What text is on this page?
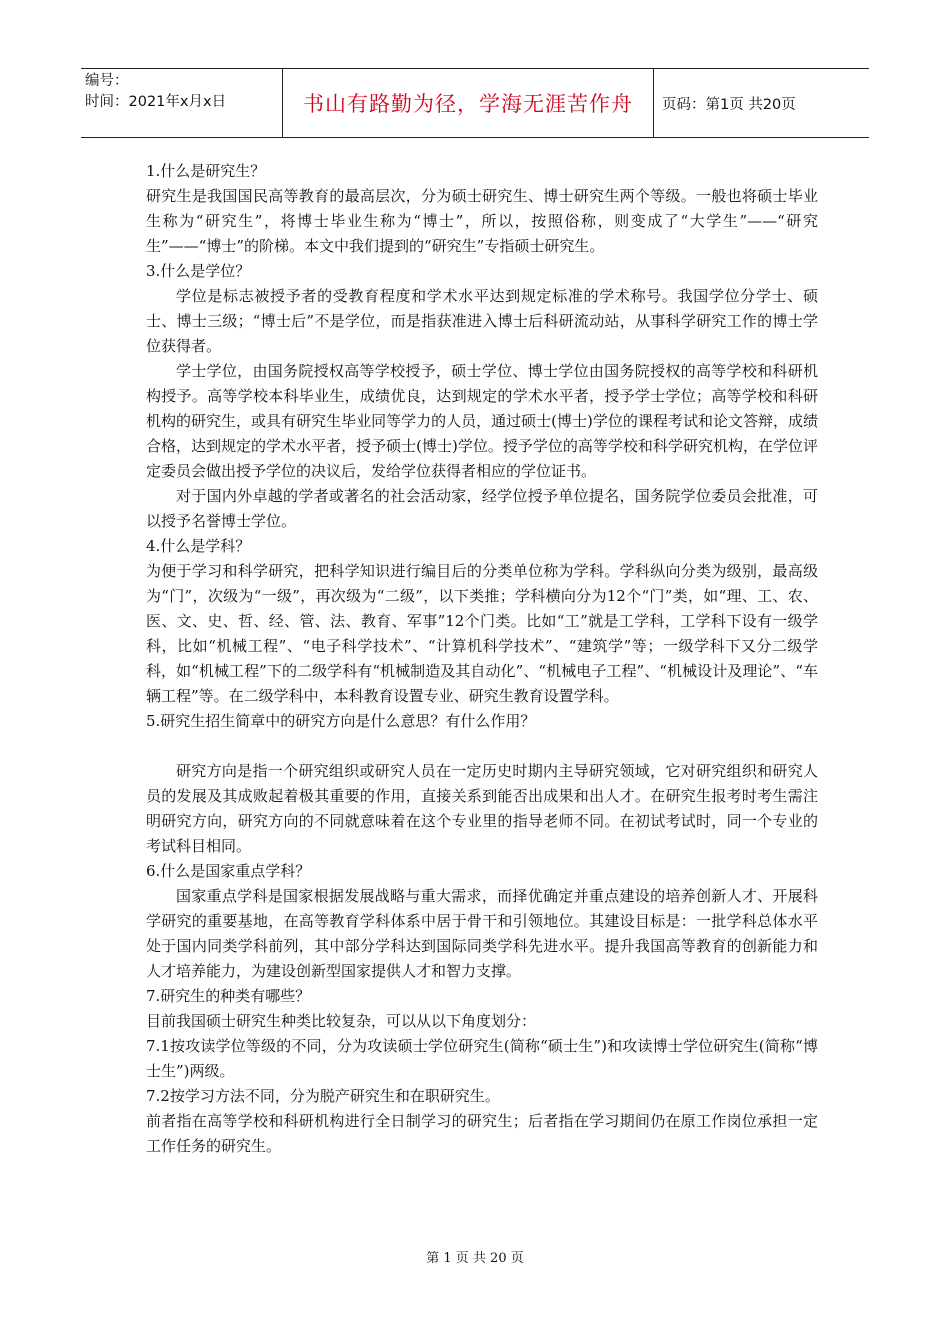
编号：
时间：2021年x月x日	书山有路勤为径，学海无涯苦作舟	页码：第1页 共20页

1.什么是研究生？

研究生是我国国民高等教育的最高层次，分为硕士研究生、博士研究生两个等级。一般也将硕士毕业生称为“研究生”，将博士毕业生称为“博士”，所以，按照俗称，则变成了“大学生”——“研究生”——“博士”的阶梯。本文中我们提到的“研究生”专指硕士研究生。

3.什么是学位？

学位是标志被授予者的受教育程度和学术水平达到规定标准的学术称号。我国学位分学士、硕士、博士三级；“博士后”不是学位，而是指获准进入博士后科研流动站，从事科学研究工作的博士学位获得者。

学士学位，由国务院授权高等学校授予，硕士学位、博士学位由国务院授权的高等学校和科研机构授予。高等学校本科毕业生，成绩优良，达到规定的学术水平者，授予学士学位；高等学校和科研机构的研究生，或具有研究生毕业同等学力的人员，通过硕士(博士)学位的课程考试和论文答辩，成绩合格，达到规定的学术水平者，授予硕士(博士)学位。授予学位的高等学校和科学研究机构，在学位评定委员会做出授予学位的决议后，发给学位获得者相应的学位证书。

对于国内外卓越的学者或著名的社会活动家，经学位授予单位提名，国务院学位委员会批准，可以授予名誉博士学位。

4.什么是学科？

为便于学习和科学研究，把科学知识进行编目后的分类单位称为学科。学科纵向分类为级别，最高级为“门”，次级为“一级”，再次级为“二级”，以下类推；学科横向分为12个“门”类，如“理、工、农、医、文、史、哲、经、管、法、教育、军事”12个门类。比如“工”就是工学科，工学科下设有一级学科，比如“机械工程”、“电子科学技术”、“计算机科学技术”、“建筑学”等；一级学科下又分二级学科，如“机械工程”下的二级学科有“机械制造及其自动化”、“机械电子工程”、“机械设计及理论”、“车辆工程”等。在二级学科中，本科教育设置专业、研究生教育设置学科。

5.研究生招生简章中的研究方向是什么意思？有什么作用？

研究方向是指一个研究组织或研究人员在一定历史时期内主导研究领域，它对研究组织和研究人员的发展及其成败起着极其重要的作用，直接关系到能否出成果和出人才。在研究生报考时考生需注明研究方向，研究方向的不同就意味着在这个专业里的指导老师不同。在初试考试时，同一个专业的考试科目相同。

6.什么是国家重点学科？

国家重点学科是国家根据发展战略与重大需求，而择优确定并重点建设的培养创新人才、开展科学研究的重要基地，在高等教育学科体系中居于骨干和引领地位。其建设目标是：一批学科总体水平处于国内同类学科前列，其中部分学科达到国际同类学科先进水平。提升我国高等教育的创新能力和人才培养能力，为建设创新型国家提供人才和智力支撑。

7.研究生的种类有哪些？

目前我国硕士研究生种类比较复杂，可以从以下角度划分：

7.1按攻读学位等级的不同，分为攻读硕士学位研究生(简称“硕士生”)和攻读博士学位研究生(简称“博士生”)两级。

7.2按学习方法不同，分为脱产研究生和在职研究生。

前者指在高等学校和科研机构进行全日制学习的研究生；后者指在学习期间仍在原工作岗位承担一定工作任务的研究生。

第 1 页 共 20 页
